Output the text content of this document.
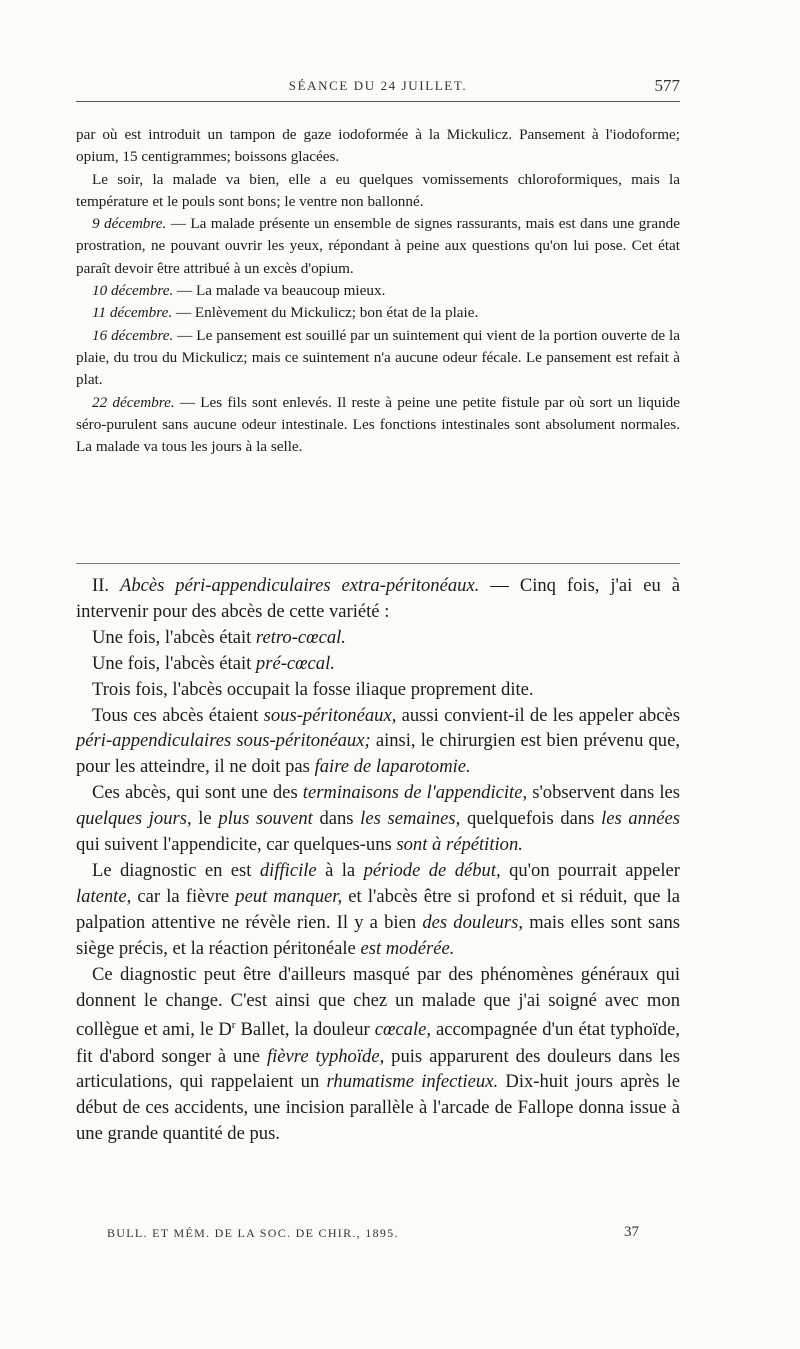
SÉANCE DU 24 JUILLET.	577

par où est introduit un tampon de gaze iodoformée à la Mickulicz. Pansement à l'iodoforme; opium, 15 centigrammes; boissons glacées.

Le soir, la malade va bien, elle a eu quelques vomissements chloroformiques, mais la température et le pouls sont bons; le ventre non ballonné.

9 décembre. — La malade présente un ensemble de signes rassurants, mais est dans une grande prostration, ne pouvant ouvrir les yeux, répondant à peine aux questions qu'on lui pose. Cet état paraît devoir être attribué à un excès d'opium.

10 décembre. — La malade va beaucoup mieux.

11 décembre. — Enlèvement du Mickulicz; bon état de la plaie.

16 décembre. — Le pansement est souillé par un suintement qui vient de la portion ouverte de la plaie, du trou du Mickulicz; mais ce suintement n'a aucune odeur fécale. Le pansement est refait à plat.

22 décembre. — Les fils sont enlevés. Il reste à peine une petite fistule par où sort un liquide séro-purulent sans aucune odeur intestinale. Les fonctions intestinales sont absolument normales. La malade va tous les jours à la selle.

II. Abcès péri-appendiculaires extra-péritonéaux. — Cinq fois, j'ai eu à intervenir pour des abcès de cette variété :

Une fois, l'abcès était retro-cœcal.

Une fois, l'abcès était pré-cœcal.

Trois fois, l'abcès occupait la fosse iliaque proprement dite.

Tous ces abcès étaient sous-péritonéaux, aussi convient-il de les appeler abcès péri-appendiculaires sous-péritonéaux; ainsi, le chirurgien est bien prévenu que, pour les atteindre, il ne doit pas faire de laparotomie.

Ces abcès, qui sont une des terminaisons de l'appendicite, s'observent dans les quelques jours, le plus souvent dans les semaines, quelquefois dans les années qui suivent l'appendicite, car quelques-uns sont à répétition.

Le diagnostic en est difficile à la période de début, qu'on pourrait appeler latente, car la fièvre peut manquer, et l'abcès être si profond et si réduit, que la palpation attentive ne révèle rien. Il y a bien des douleurs, mais elles sont sans siège précis, et la réaction péritonéale est modérée.

Ce diagnostic peut être d'ailleurs masqué par des phénomènes généraux qui donnent le change. C'est ainsi que chez un malade que j'ai soigné avec mon collègue et ami, le $D^r$ Ballet, la douleur cœcale, accompagnée d'un état typhoïde, fit d'abord songer à une fièvre typhoïde, puis apparurent des douleurs dans les articulations, qui rappelaient un rhumatisme infectieux. Dix-huit jours après le début de ces accidents, une incision parallèle à l'arcade de Fallope donna issue à une grande quantité de pus.

BULL. ET MÉM. DE LA SOC. DE CHIR., 1895.	37
